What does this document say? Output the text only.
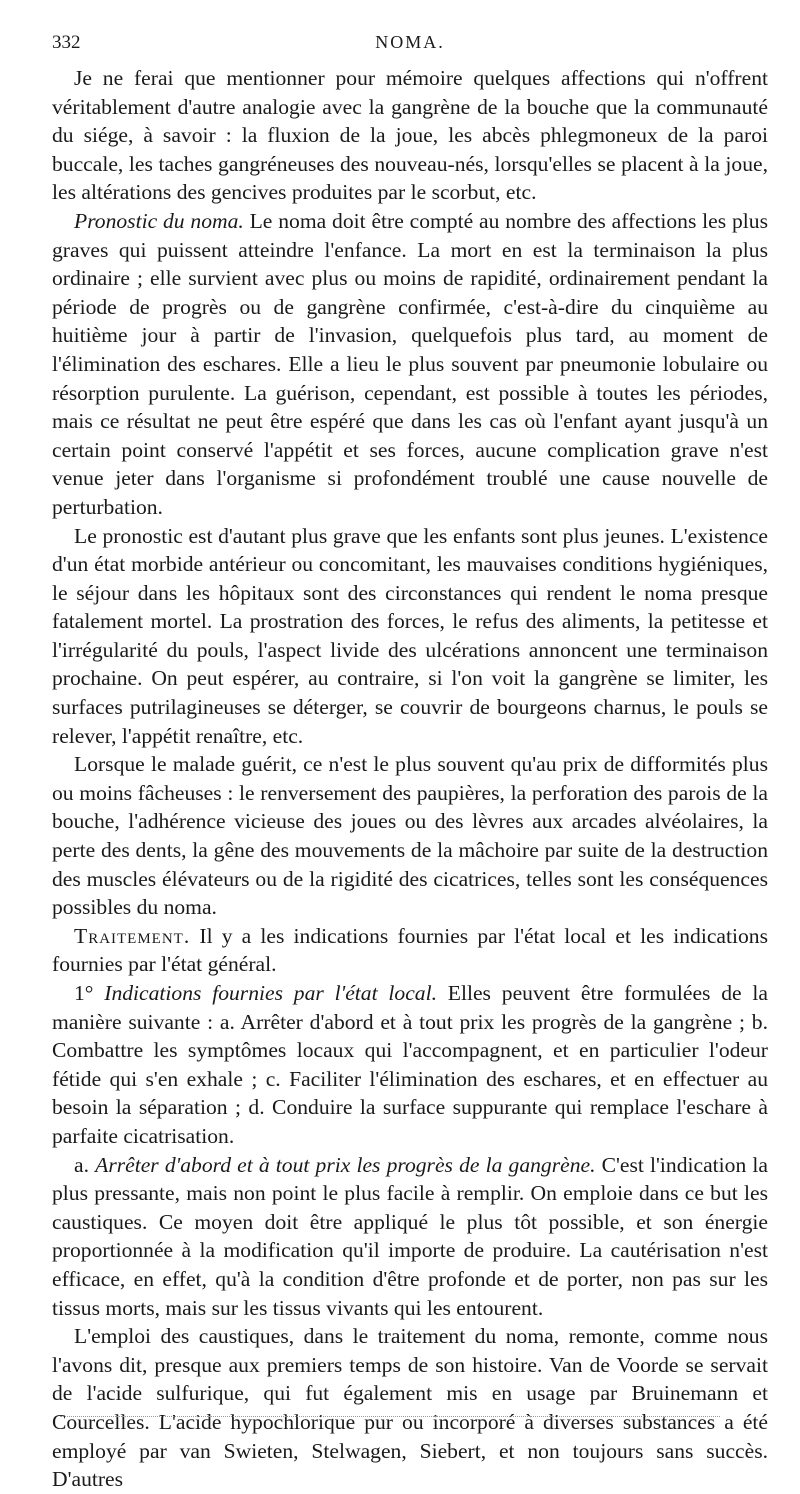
332	NOMA.

Je ne ferai que mentionner pour mémoire quelques affections qui n'offrent véritablement d'autre analogie avec la gangrène de la bouche que la communauté du siége, à savoir : la fluxion de la joue, les abcès phlegmoneux de la paroi buccale, les taches gangréneuses des nouveau-nés, lorsqu'elles se placent à la joue, les altérations des gencives produites par le scorbut, etc.

Pronostic du noma. Le noma doit être compté au nombre des affections les plus graves qui puissent atteindre l'enfance. La mort en est la terminaison la plus ordinaire ; elle survient avec plus ou moins de rapidité, ordinairement pendant la période de progrès ou de gangrène confirmée, c'est-à-dire du cinquième au huitième jour à partir de l'invasion, quelquefois plus tard, au moment de l'élimination des eschares. Elle a lieu le plus souvent par pneumonie lobulaire ou résorption purulente. La guérison, cependant, est possible à toutes les périodes, mais ce résultat ne peut être espéré que dans les cas où l'enfant ayant jusqu'à un certain point conservé l'appétit et ses forces, aucune complication grave n'est venue jeter dans l'organisme si profondément troublé une cause nouvelle de perturbation.

Le pronostic est d'autant plus grave que les enfants sont plus jeunes. L'existence d'un état morbide antérieur ou concomitant, les mauvaises conditions hygiéniques, le séjour dans les hôpitaux sont des circonstances qui rendent le noma presque fatalement mortel. La prostration des forces, le refus des aliments, la petitesse et l'irrégularité du pouls, l'aspect livide des ulcérations annoncent une terminaison prochaine. On peut espérer, au contraire, si l'on voit la gangrène se limiter, les surfaces putrilagineuses se déterger, se couvrir de bourgeons charnus, le pouls se relever, l'appétit renaître, etc.

Lorsque le malade guérit, ce n'est le plus souvent qu'au prix de difformités plus ou moins fâcheuses : le renversement des paupières, la perforation des parois de la bouche, l'adhérence vicieuse des joues ou des lèvres aux arcades alvéolaires, la perte des dents, la gêne des mouvements de la mâchoire par suite de la destruction des muscles élévateurs ou de la rigidité des cicatrices, telles sont les conséquences possibles du noma.

Traitement. Il y a les indications fournies par l'état local et les indications fournies par l'état général.

1° Indications fournies par l'état local. Elles peuvent être formulées de la manière suivante : a. Arrêter d'abord et à tout prix les progrès de la gangrène ; b. Combattre les symptômes locaux qui l'accompagnent, et en particulier l'odeur fétide qui s'en exhale ; c. Faciliter l'élimination des eschares, et en effectuer au besoin la séparation ; d. Conduire la surface suppurante qui remplace l'eschare à parfaite cicatrisation.

a. Arrêter d'abord et à tout prix les progrès de la gangrène. C'est l'indication la plus pressante, mais non point le plus facile à remplir. On emploie dans ce but les caustiques. Ce moyen doit être appliqué le plus tôt possible, et son énergie proportionnée à la modification qu'il importe de produire. La cautérisation n'est efficace, en effet, qu'à la condition d'être profonde et de porter, non pas sur les tissus morts, mais sur les tissus vivants qui les entourent.

L'emploi des caustiques, dans le traitement du noma, remonte, comme nous l'avons dit, presque aux premiers temps de son histoire. Van de Voorde se servait de l'acide sulfurique, qui fut également mis en usage par Bruinemann et Courcelles. L'acide hypochlorique pur ou incorporé à diverses substances a été employé par van Swieten, Stelwagen, Siebert, et non toujours sans succès. D'autres
